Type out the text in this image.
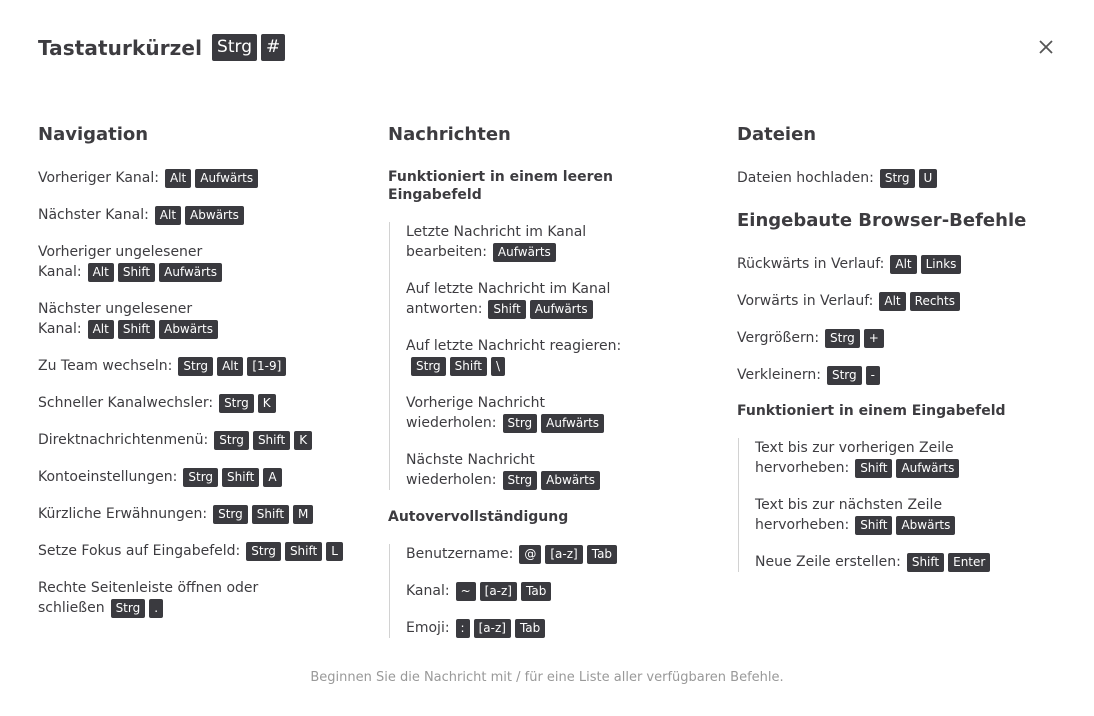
Tastaturkürzel Strg #
Navigation
Vorheriger Kanal: Alt Aufwärts
Nächster Kanal: Alt Abwärts
Vorheriger ungelesener
Kanal: Alt Shift Aufwärts
Nächster ungelesener
Kanal: Alt Shift Abwärts
Zu Team wechseln: Strg Alt [1-9]
Schneller Kanalwechsler: Strg K
Direktnachrichtenmenü: Strg Shift K
Kontoeinstellungen: Strg Shift A
Kürzliche Erwähnungen: Strg Shift M
Setze Fokus auf Eingabefeld: Strg Shift L
Rechte Seitenleiste öffnen oder
schließen Strg .
Nachrichten
Funktioniert in einem leeren Eingabefeld
Letzte Nachricht im Kanal
bearbeiten: Aufwärts
Auf letzte Nachricht im Kanal
antworten: Shift Aufwärts
Auf letzte Nachricht reagieren:
Strg Shift \
Vorherige Nachricht
wiederholen: Strg Aufwärts
Nächste Nachricht
wiederholen: Strg Abwärts
Autovervollständigung
Benutzername: @ [a-z] Tab
Kanal: ~ [a-z] Tab
Emoji: : [a-z] Tab
Dateien
Dateien hochladen: Strg U
Eingebaute Browser-Befehle
Rückwärts in Verlauf: Alt Links
Vorwärts in Verlauf: Alt Rechts
Vergrößern: Strg +
Verkleinern: Strg -
Funktioniert in einem Eingabefeld
Text bis zur vorherigen Zeile
hervorheben: Shift Aufwärts
Text bis zur nächsten Zeile
hervorheben: Shift Abwärts
Neue Zeile erstellen: Shift Enter
Beginnen Sie die Nachricht mit / für eine Liste aller verfügbaren Befehle.
